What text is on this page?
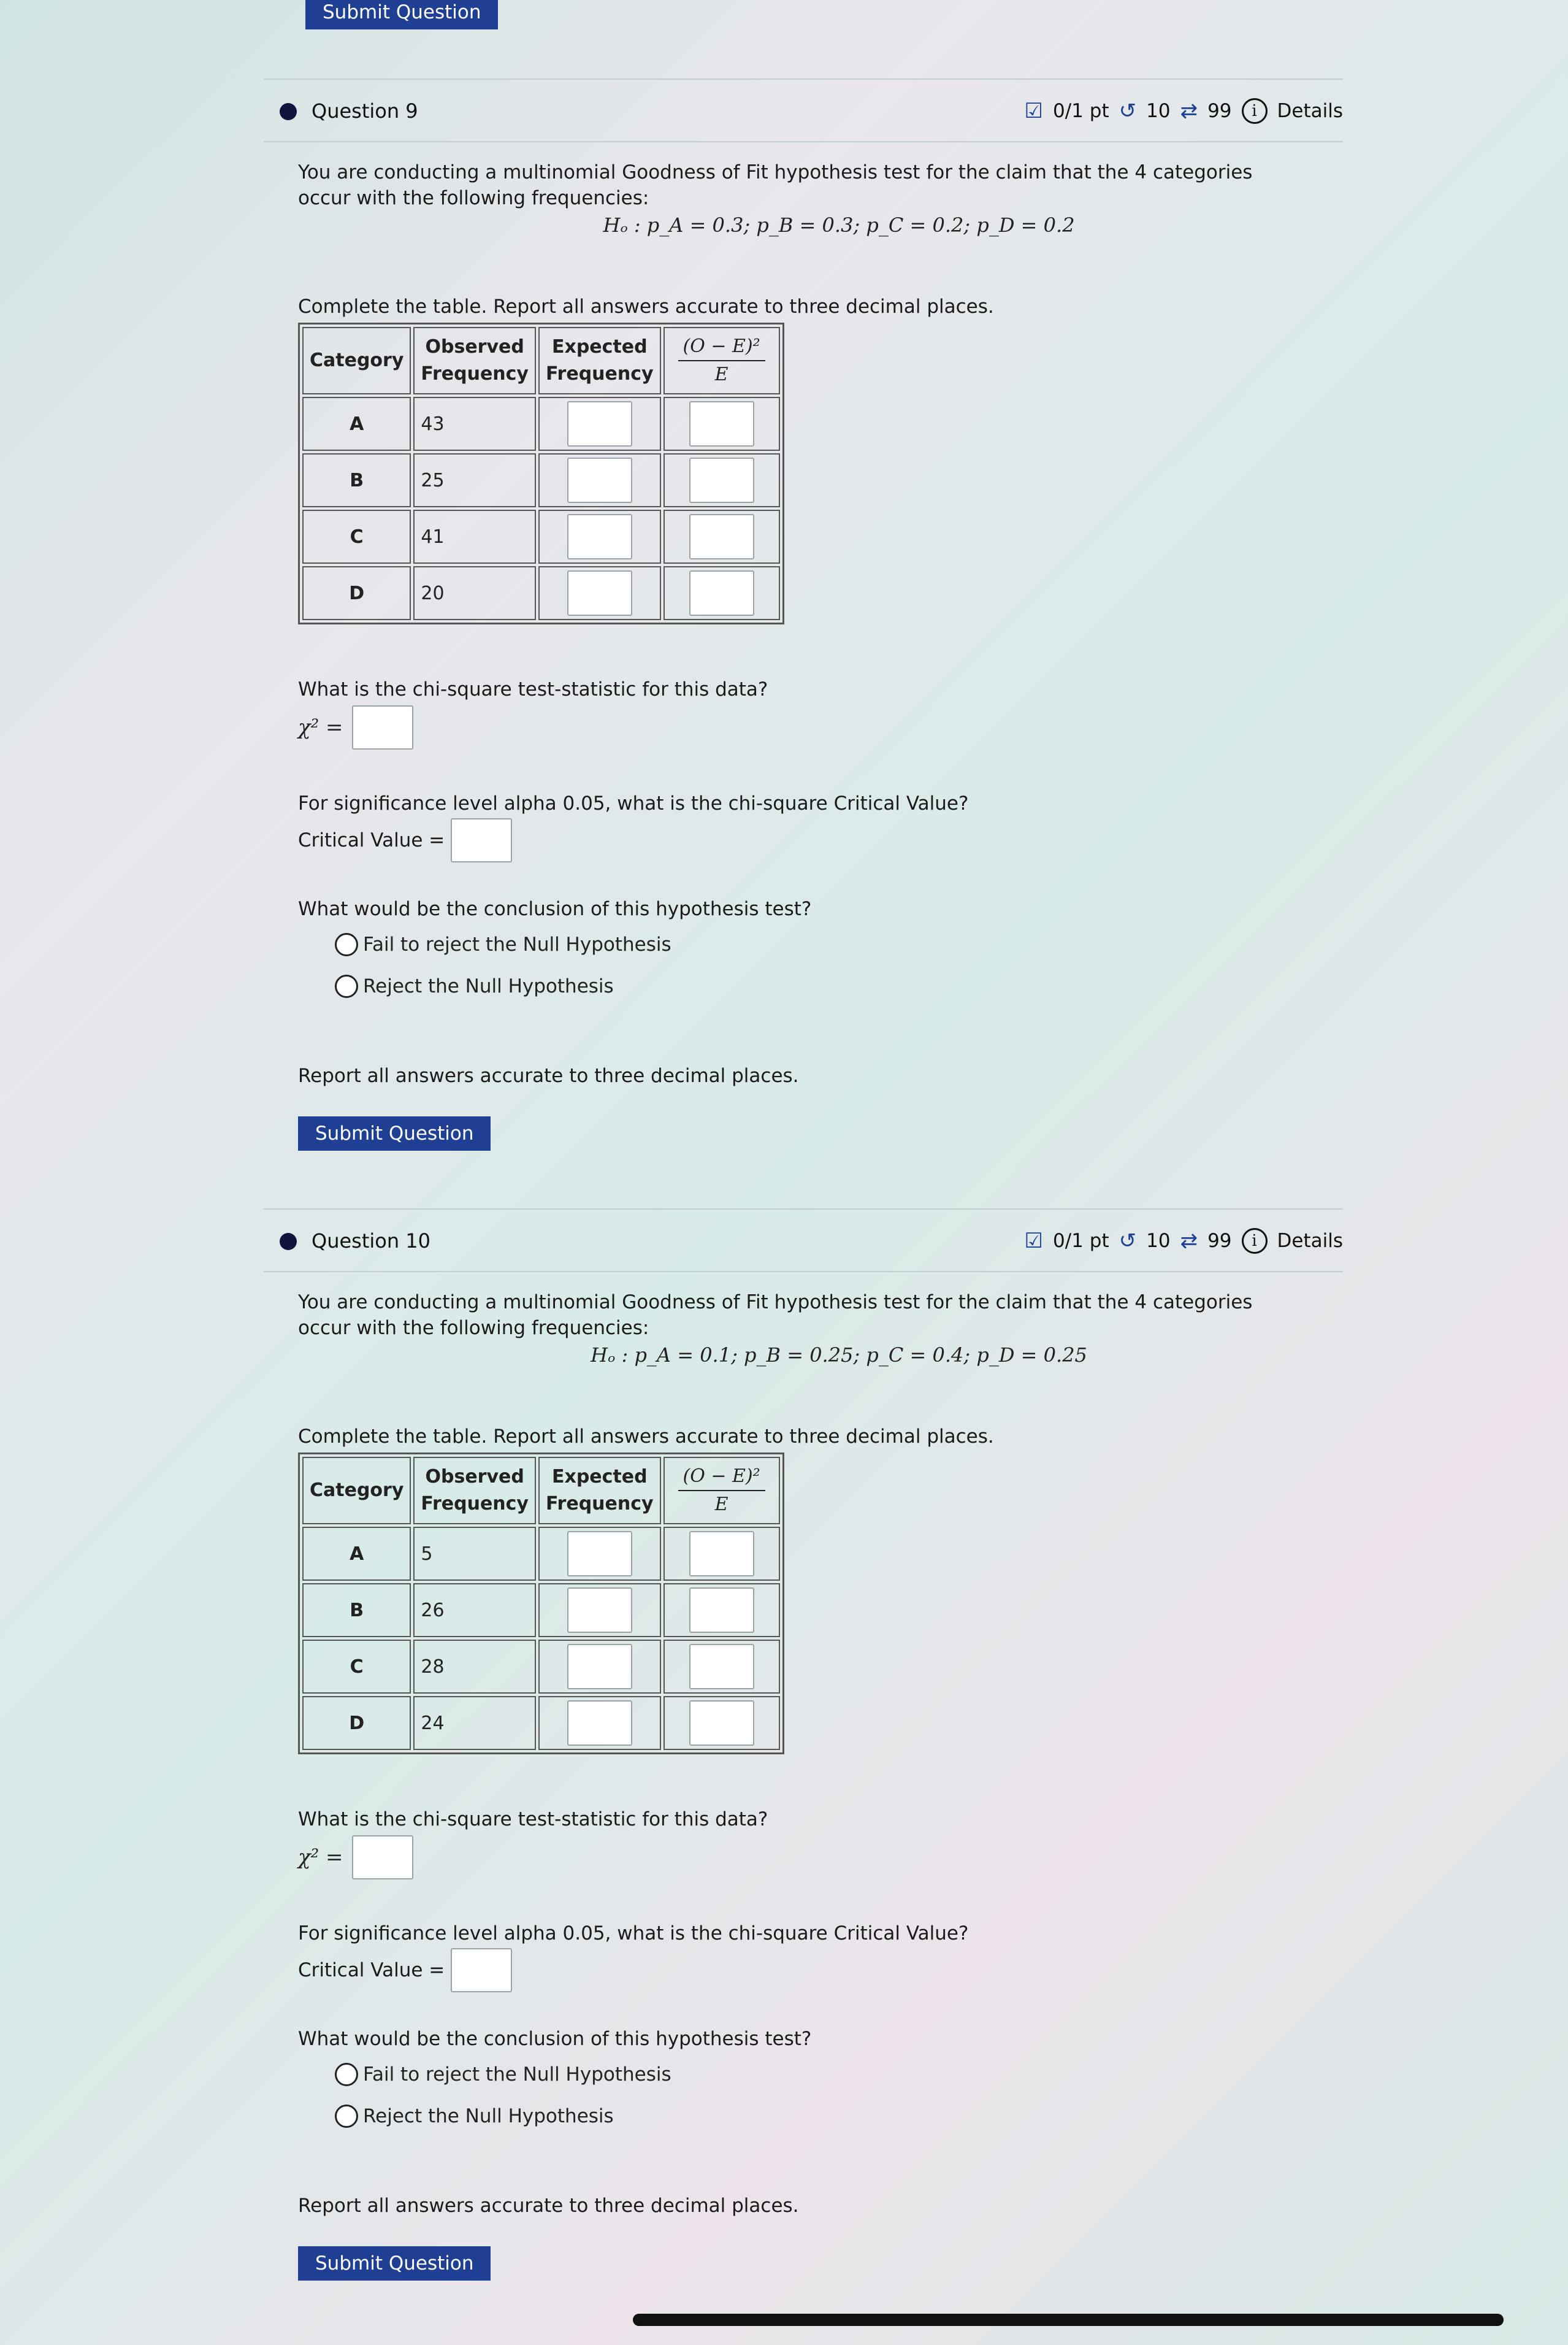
Submit Question
Question 9	☑ 0/1 pt ↺ 10 ⇄ 99	i	Details
You are conducting a multinomial Goodness of Fit hypothesis test for the claim that the 4 categories occur with the following frequencies:
Hₒ : p_A = 0.3; p_B = 0.3; p_C = 0.2; p_D = 0.2
Complete the table. Report all answers accurate to three decimal places.
Category	Observed Frequency	Expected Frequency	$\frac{\text{(O − E)²}}{E}$

A	43		
B	25		
C	41		
D	20		
What is the chi-square test-statistic for this data?
χ² =
For significance level alpha 0.05, what is the chi-square Critical Value?
Critical Value =
What would be the conclusion of this hypothesis test?
Fail to reject the Null Hypothesis
Reject the Null Hypothesis
Report all answers accurate to three decimal places.
Submit Question
Question 10	☑ 0/1 pt ↺ 10 ⇄ 99	i	Details
You are conducting a multinomial Goodness of Fit hypothesis test for the claim that the 4 categories occur with the following frequencies:
Hₒ : p_A = 0.1; p_B = 0.25; p_C = 0.4; p_D = 0.25
Complete the table. Report all answers accurate to three decimal places.
Category	Observed Frequency	Expected Frequency	$\frac{\text{(O − E)²}}{E}$

A	5		
B	26		
C	28		
D	24		
What is the chi-square test-statistic for this data?
χ² =
For significance level alpha 0.05, what is the chi-square Critical Value?
Critical Value =
What would be the conclusion of this hypothesis test?
Fail to reject the Null Hypothesis
Reject the Null Hypothesis
Report all answers accurate to three decimal places.
Submit Question
